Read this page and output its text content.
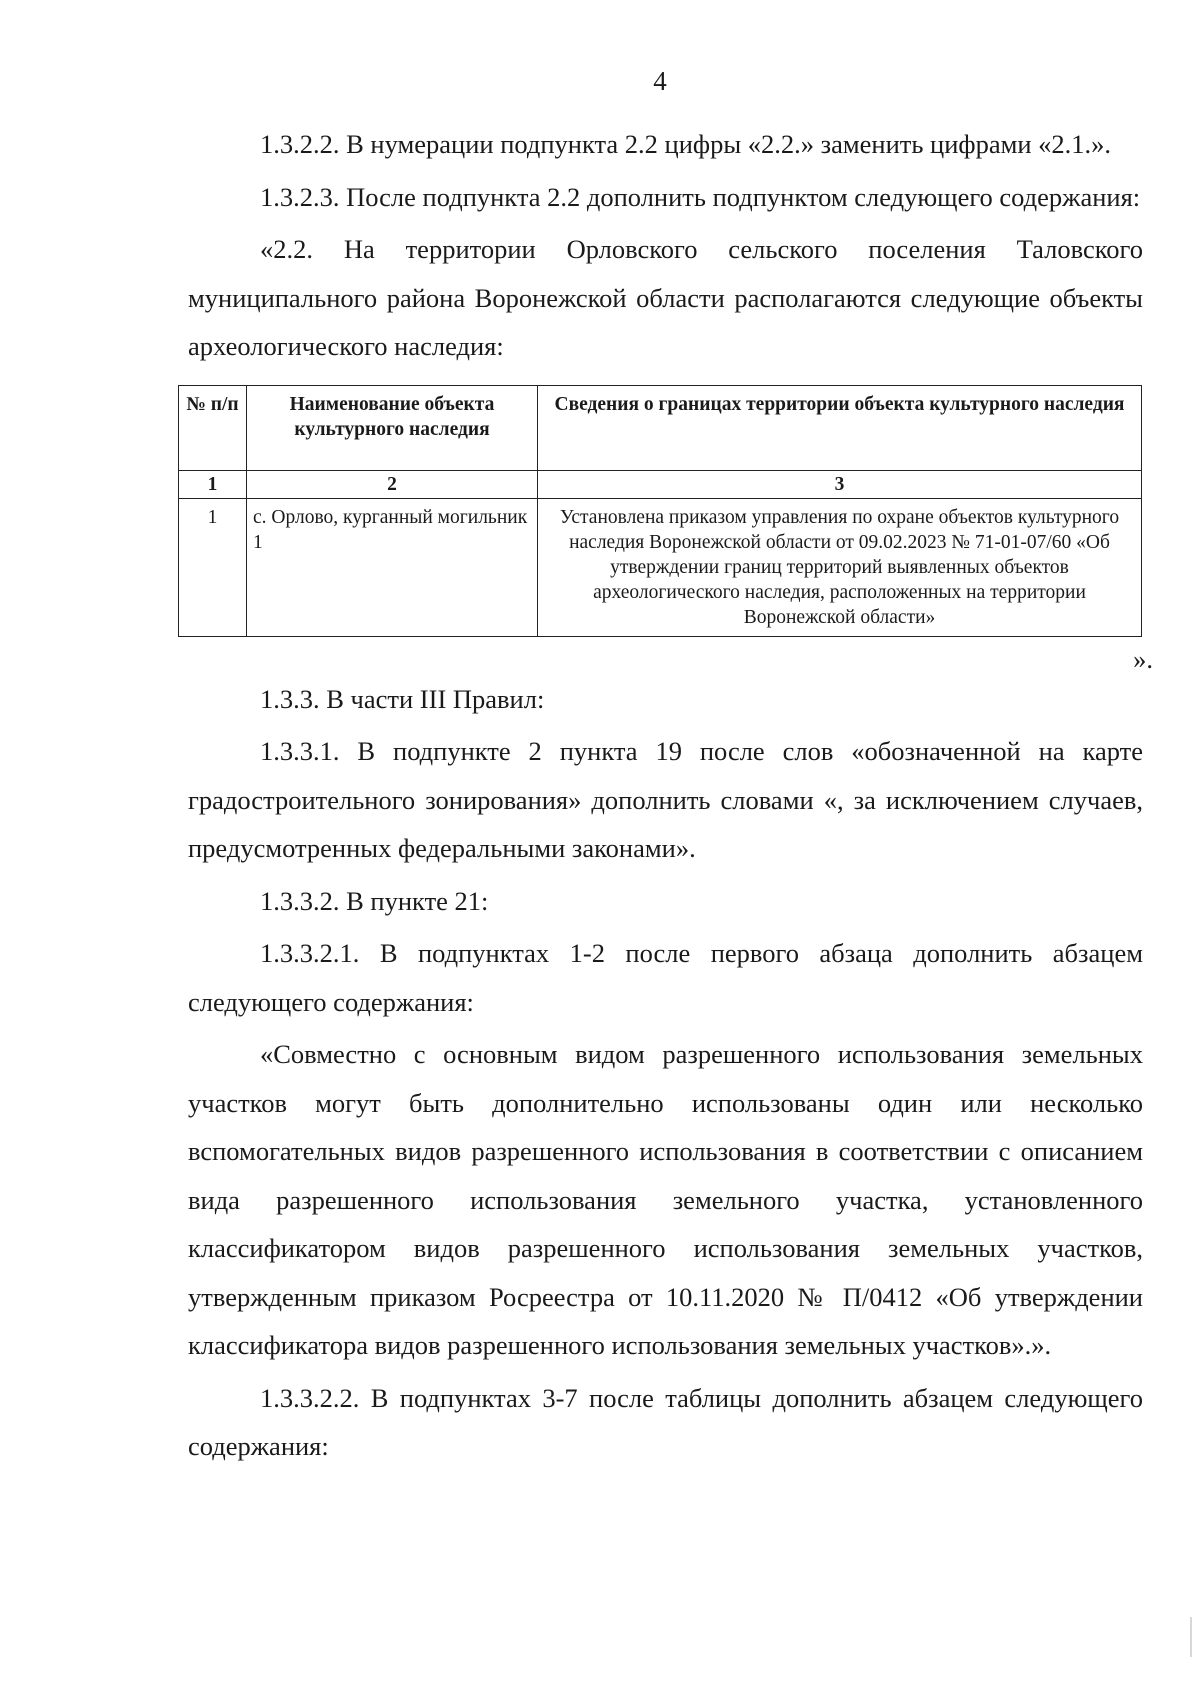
4

1.3.2.2. В нумерации подпункта 2.2 цифры «2.2.» заменить цифрами «2.1.».

1.3.2.3. После подпункта 2.2 дополнить подпунктом следующего содержания:

«2.2. На территории Орловского сельского поселения Таловского муниципального района Воронежской области располагаются следующие объекты археологического наследия:

№ п/п	Наименование объекта культурного наследия	Сведения о границах территории объекта культурного наследия
1	2	3
1	с. Орлово, курганный могильник 1	Установлена приказом управления по охране объектов культурного наследия Воронежской области от 09.02.2023 № 71-01-07/60 «Об утверждении границ территорий выявленных объектов археологического наследия, расположенных на территории Воронежской области»
».

1.3.3. В части III Правил:

1.3.3.1. В подпункте 2 пункта 19 после слов «обозначенной на карте градостроительного зонирования» дополнить словами «, за исключением случаев, предусмотренных федеральными законами».

1.3.3.2. В пункте 21:

1.3.3.2.1. В подпунктах 1-2 после первого абзаца дополнить абзацем следующего содержания:

«Совместно с основным видом разрешенного использования земельных участков могут быть дополнительно использованы один или несколько вспомогательных видов разрешенного использования в соответствии с описанием вида разрешенного использования земельного участка, установленного классификатором видов разрешенного использования земельных участков, утвержденным приказом Росреестра от 10.11.2020 № П/0412 «Об утверждении классификатора видов разрешенного использования земельных участков».».

1.3.3.2.2. В подпунктах 3-7 после таблицы дополнить абзацем следующего содержания:
